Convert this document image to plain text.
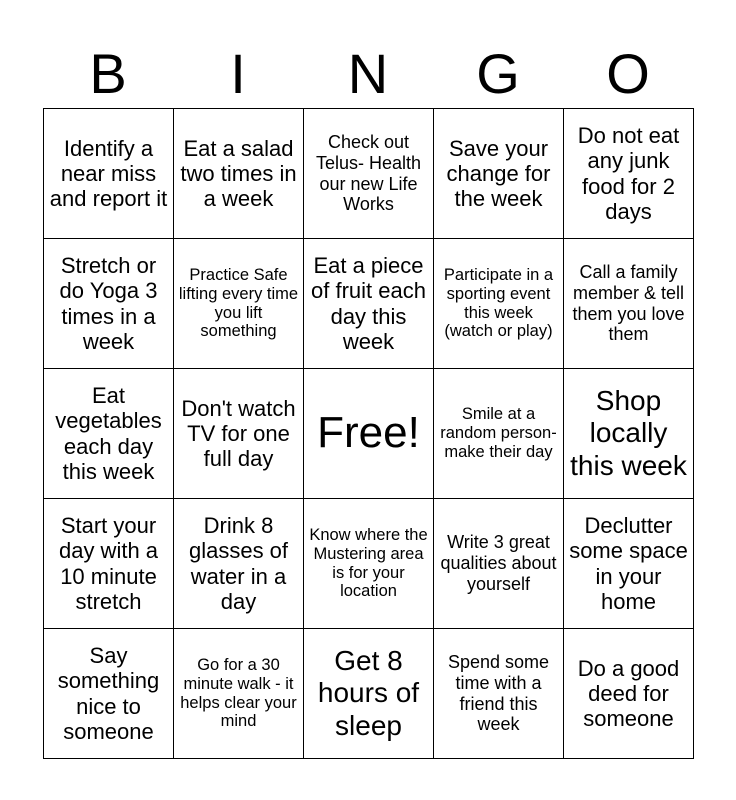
B	I	N	G	O
Identify a near miss and report it	Eat a salad two times in a week	Check out Telus- Health our new Life Works	Save your change for the week	Do not eat any junk food for 2 days

Stretch or do Yoga 3 times in a week	Practice Safe lifting every time you lift something	Eat a piece of fruit each day this week	Participate in a sporting event this week (watch or play)	Call a family member & tell them you love them

Eat vegetables each day this week	Don't watch TV for one full day	Free!	Smile at a random person- make their day	Shop locally this week

Start your day with a 10 minute stretch	Drink 8 glasses of water in a day	Know where the Mustering area is for your location	Write 3 great qualities about yourself	Declutter some space in your home

Say something nice to someone	Go for a 30 minute walk - it helps clear your mind	Get 8 hours of sleep	Spend some time with a friend this week	Do a good deed for someone
